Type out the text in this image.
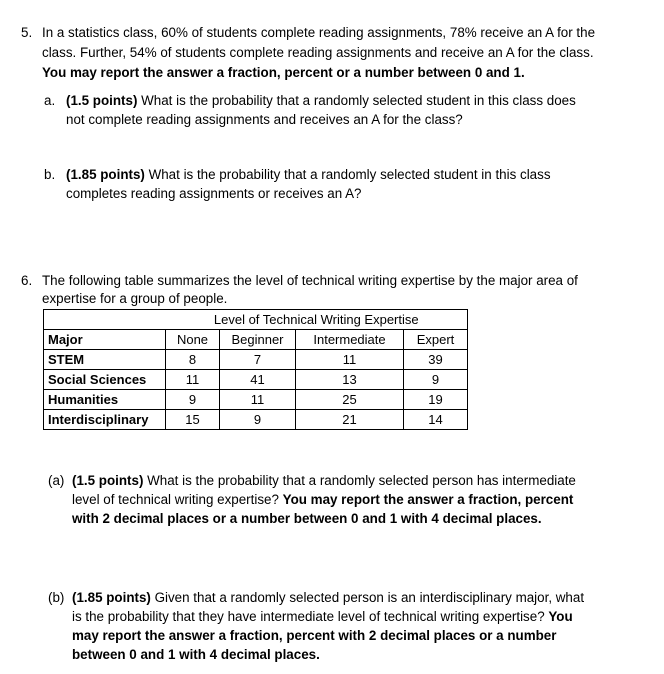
5. In a statistics class, 60% of students complete reading assignments, 78% receive an A for the
class. Further, 54% of students complete reading assignments and receive an A for the class.
You may report the answer a fraction, percent or a number between 0 and 1.
a. (1.5 points) What is the probability that a randomly selected student in this class does
not complete reading assignments and receives an A for the class?
b. (1.85 points) What is the probability that a randomly selected student in this class
completes reading assignments or receives an A?
6. The following table summarizes the level of technical writing expertise by the major area of
expertise for a group of people.
	Level of Technical Writing Expertise			
Major	None	Beginner	Intermediate	Expert
STEM	8	7	11	39
Social Sciences	11	41	13	9
Humanities	9	11	25	19
Interdisciplinary	15	9	21	14
(a) (1.5 points) What is the probability that a randomly selected person has intermediate
level of technical writing expertise? You may report the answer a fraction, percent
with 2 decimal places or a number between 0 and 1 with 4 decimal places.
(b) (1.85 points) Given that a randomly selected person is an interdisciplinary major, what
is the probability that they have intermediate level of technical writing expertise? You
may report the answer a fraction, percent with 2 decimal places or a number
between 0 and 1 with 4 decimal places.
